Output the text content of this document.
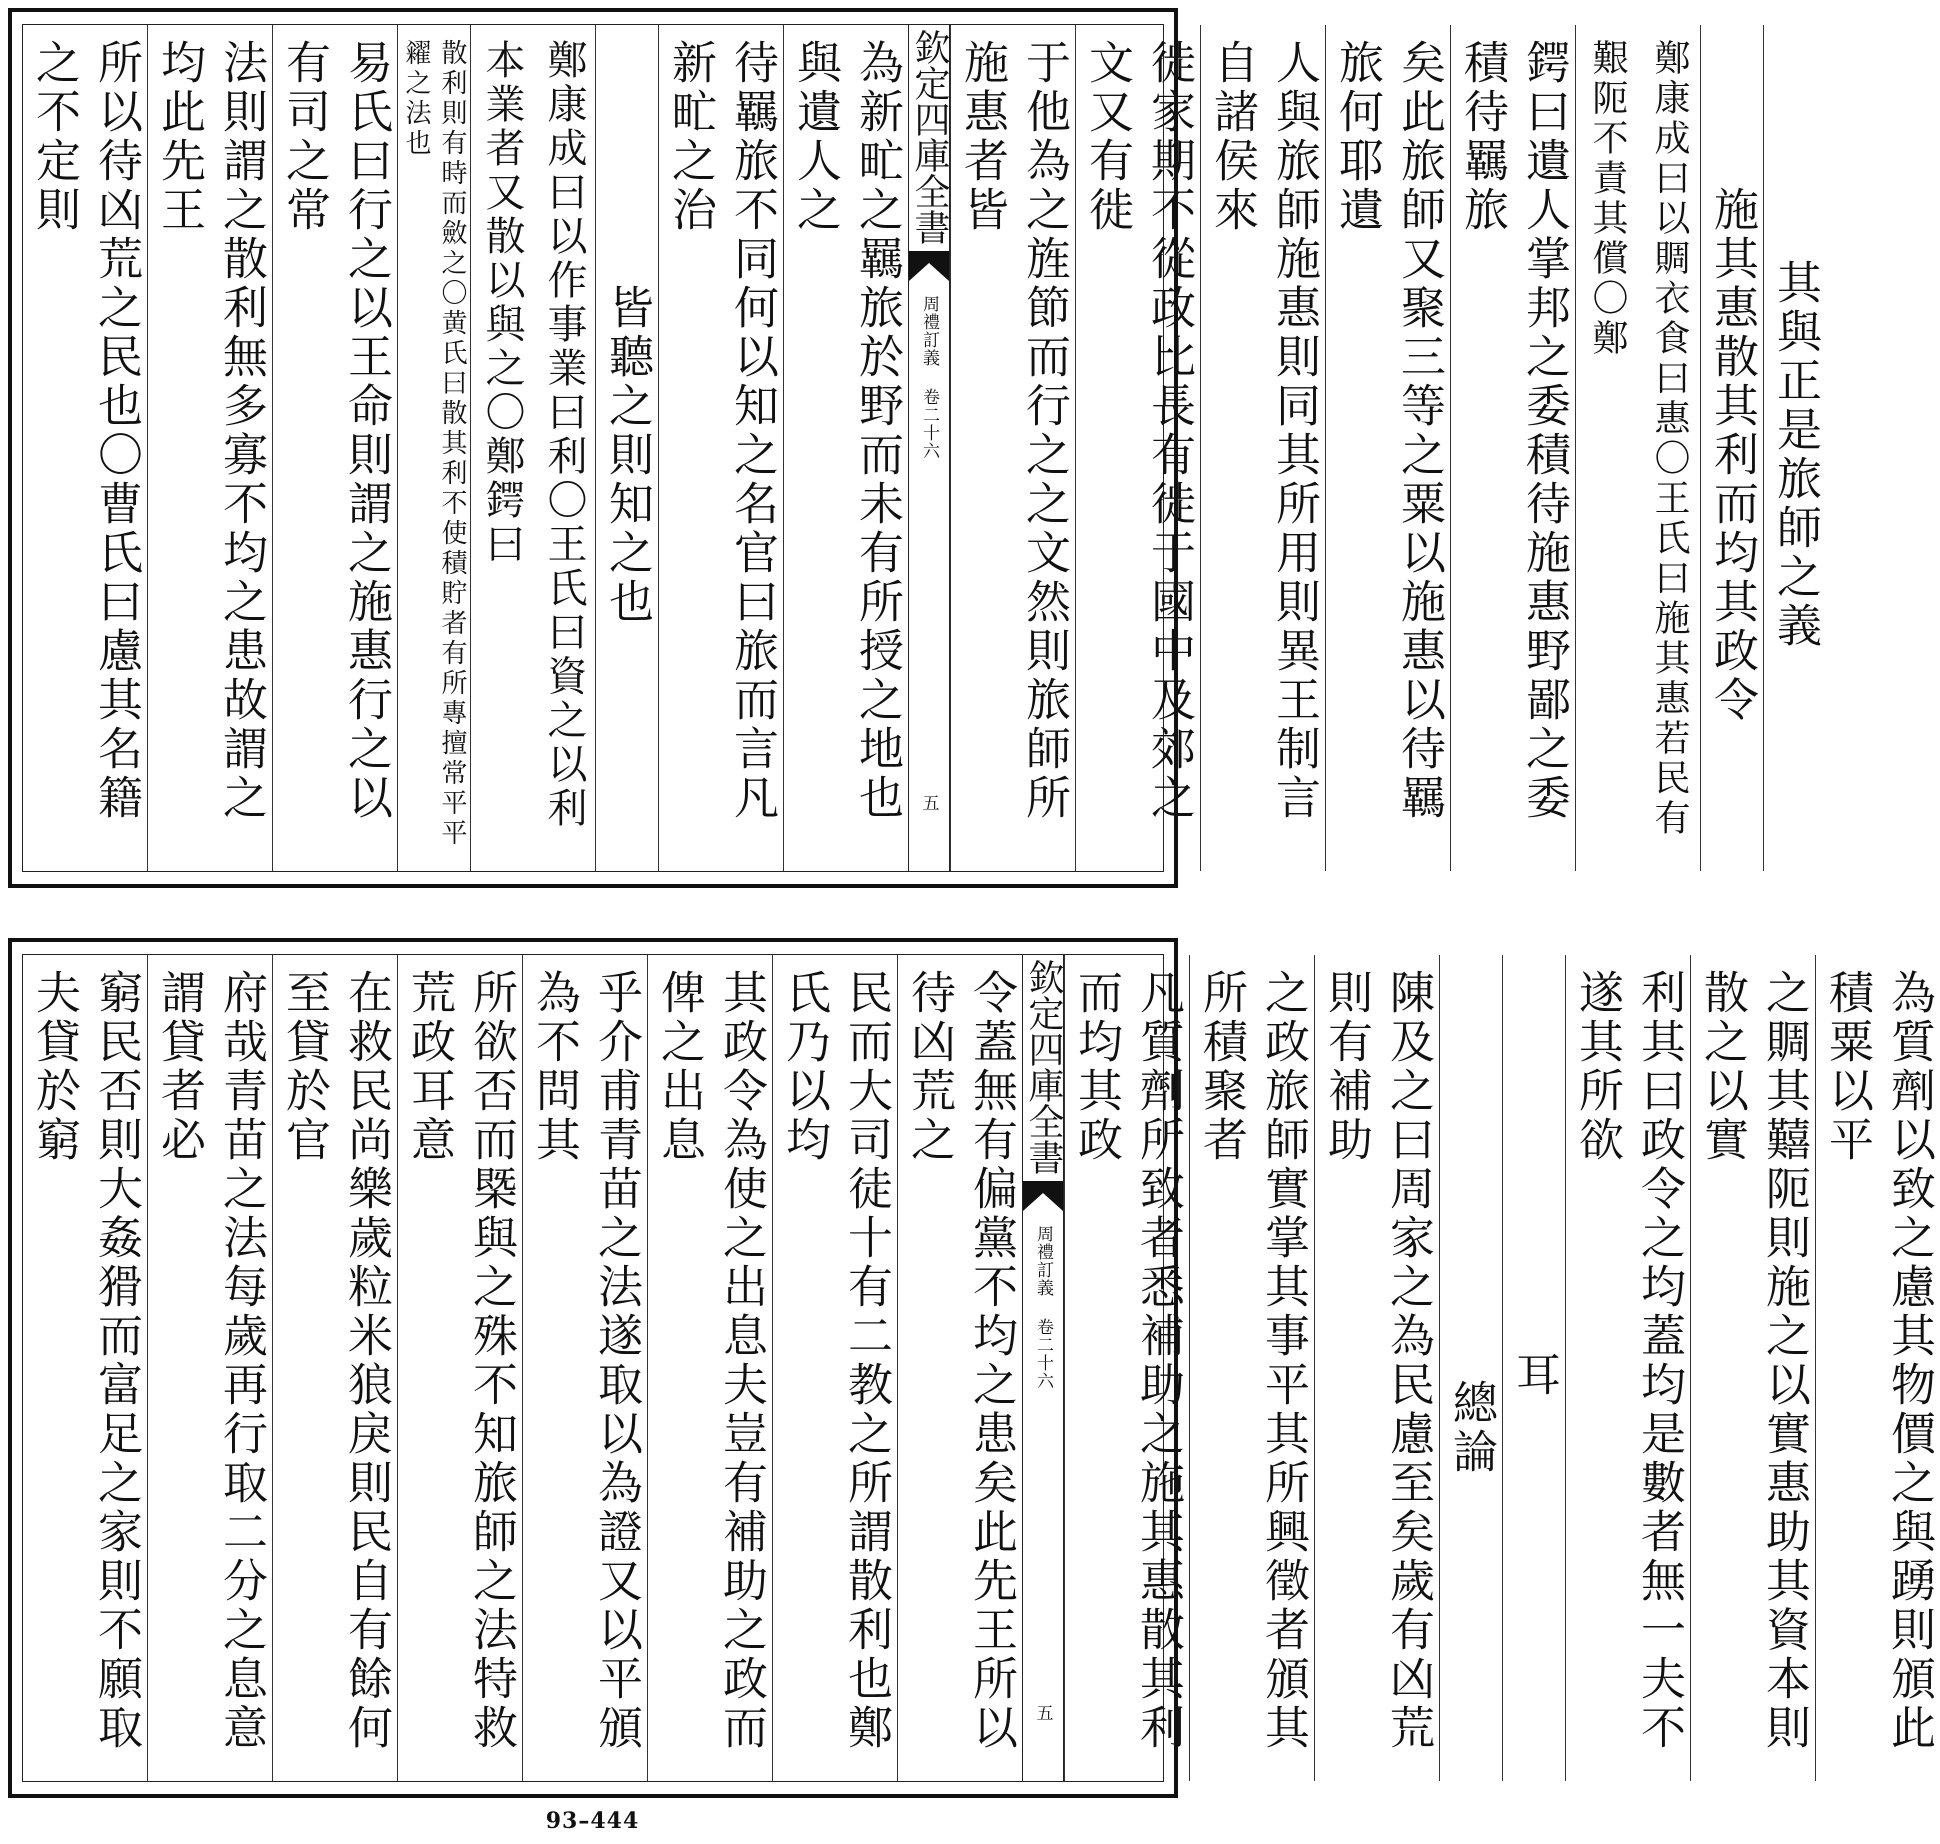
為新甿之羈旅於野而未有所授之地也與遺人之
待羈旅不同何以知之名官曰旅而言凡新甿之治
皆聽之則知之也
鄭康成曰以作事業曰利〇王氏曰資之以利本業者又散以與之〇鄭鍔曰
散利則有時而斂之〇黄氏曰散其利不使積貯者有所專擅常平平糴之法也
易氏曰行之以王命則謂之施惠行之以有司之常
法則謂之散利無多寡不均之患故謂之均此先王
所以待凶荒之民也〇曹氏曰慮其名籍之不定則	欽定四庫全書
周禮訂義 卷二十六
五
其與正是旅師之義
施其惠散其利而均其政令
鄭康成曰以賙衣食曰惠〇王氏曰施其惠若民有艱阨不責其償〇鄭
鍔曰遺人掌邦之委積待施惠野鄙之委積待羈旅
矣此旅師又聚三等之粟以施惠以待羈旅何耶遺
人與旅師施惠則同其所用則異王制言自諸侯來
徙家期不從政比長有徙于國中及郊之文又有徙
于他為之旌節而行之之文然則旅師所施惠者皆
令蓋無有偏黨不均之患矣此先王所以待凶荒之
民而大司徒十有二教之所謂散利也鄭氏乃以均
其政令為使之出息夫豈有補助之政而俾之出息
乎介甫青苗之法遂取以為證又以平頒為不問其
所欲否而槩與之殊不知旅師之法特救荒政耳意
在救民尚樂歲粒米狼戾則民自有餘何至貸於官
府哉青苗之法每歲再行取二分之息意謂貸者必
窮民否則大姦猾而富足之家則不願取夫貸於窮	欽定四庫全書
周禮訂義 卷二十六
五	為質劑以致之慮其物價之與踴則頒此積粟以平
之賙其囏阨則施之以實惠助其資本則散之以實
利其曰政令之均蓋均是數者無一夫不遂其所欲
耳
總論
陳及之曰周家之為民慮至矣歲有凶荒則有補助
之政旅師實掌其事平其所興徵者頒其所積聚者
凡質劑所致者悉補助之施其惠散其利而均其政
93–444
